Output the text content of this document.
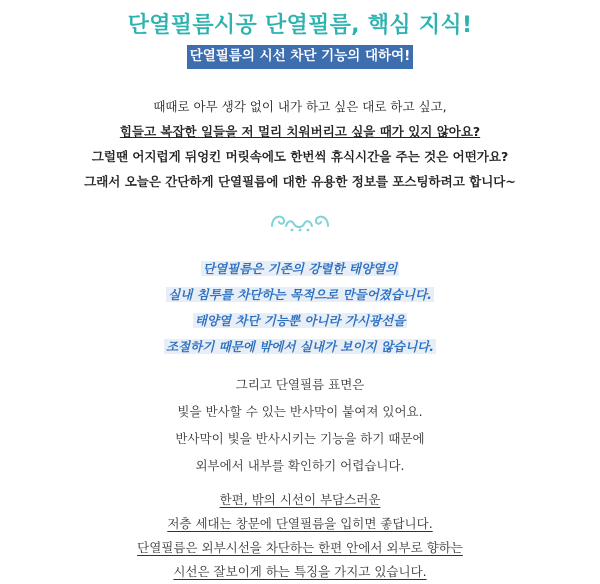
단열필름시공 단열필름, 핵심 지식!
단열필름의 시선 차단 기능의 대하여!
때때로 아무 생각 없이 내가 하고 싶은 대로 하고 싶고,
힘들고 복잡한 일들을 저 멀리 치워버리고 싶을 때가 있지 않아요?
그럴땐 어지럽게 뒤엉킨 머릿속에도 한번씩 휴식시간을 주는 것은 어떤가요?
그래서 오늘은 간단하게 단열필름에 대한 유용한 정보를 포스팅하려고 합니다~
단열필름은 기존의 강렬한 태양열의
실내 침투를 차단하는 목적으로 만들어졌습니다.
태양열 차단 기능뿐 아니라 가시광선을
조절하기 때문에 밖에서 실내가 보이지 않습니다.
그리고 단열필름 표면은
빛을 반사할 수 있는 반사막이 붙여져 있어요.
반사막이 빛을 반사시키는 기능을 하기 때문에
외부에서 내부를 확인하기 어렵습니다.
한편, 밖의 시선이 부담스러운
저층 세대는 창문에 단열필름을 입히면 좋답니다.
단열필름은 외부시선을 차단하는 한편 안에서 외부로 향하는
시선은 잘보이게 하는 특징을 가지고 있습니다.
